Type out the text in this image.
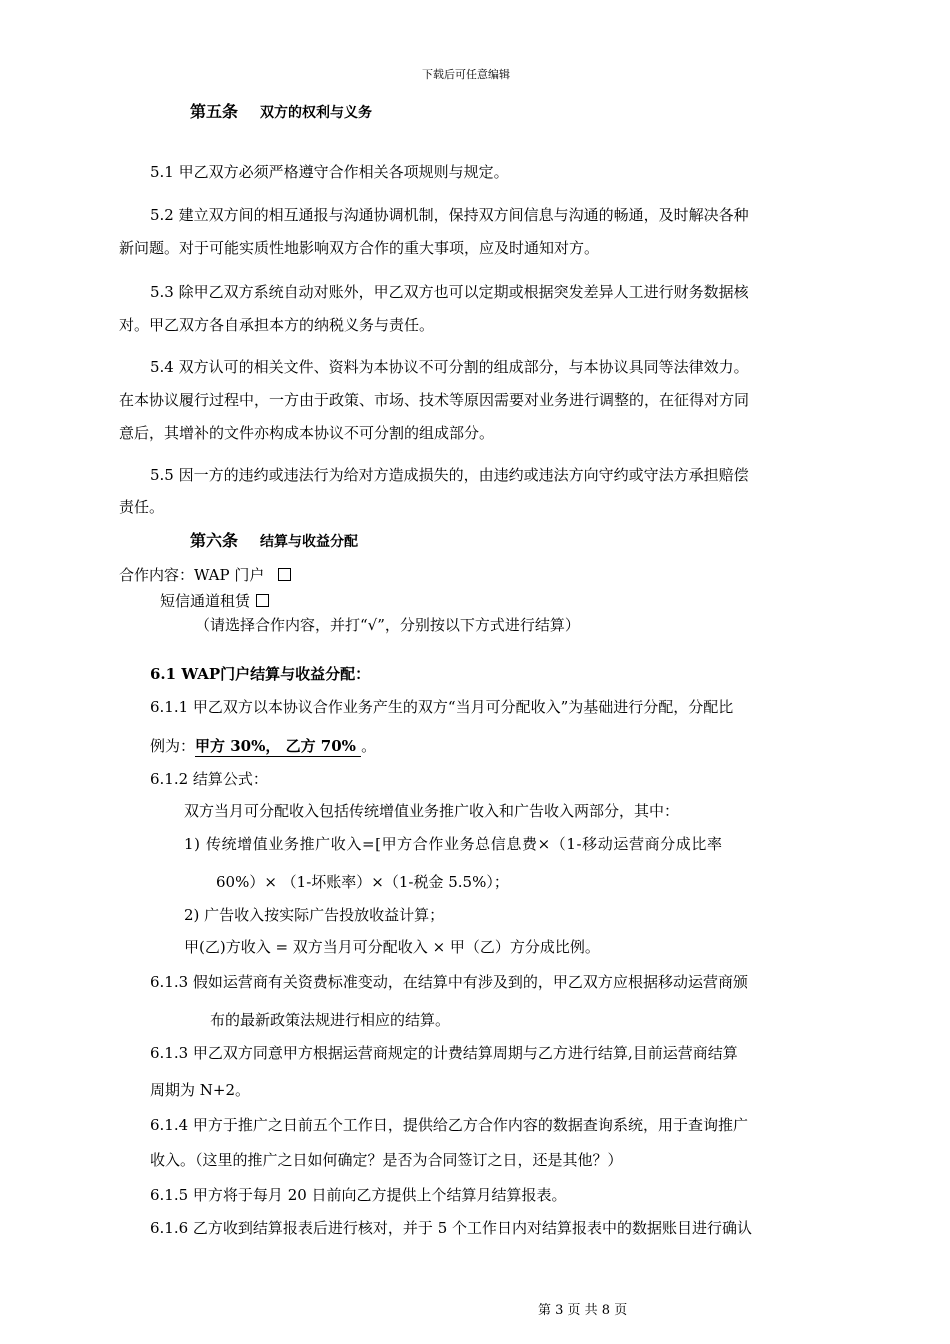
下载后可任意编辑
第五条 双方的权利与义务
5.1 甲乙双方必须严格遵守合作相关各项规则与规定。
5.2 建立双方间的相互通报与沟通协调机制，保持双方间信息与沟通的畅通，及时解决各种
新问题。对于可能实质性地影响双方合作的重大事项，应及时通知对方。
5.3 除甲乙双方系统自动对账外，甲乙双方也可以定期或根据突发差异人工进行财务数据核
对。甲乙双方各自承担本方的纳税义务与责任。
5.4 双方认可的相关文件、资料为本协议不可分割的组成部分，与本协议具同等法律效力。
在本协议履行过程中，一方由于政策、市场、技术等原因需要对业务进行调整的，在征得对方同
意后，其增补的文件亦构成本协议不可分割的组成部分。
5.5 因一方的违约或违法行为给对方造成损失的，由违约或违法方向守约或守法方承担赔偿
责任。
第六条 结算与收益分配
合作内容：WAP 门户
短信通道租赁
（请选择合作内容，并打“√”，分别按以下方式进行结算）
6.1 WAP门户结算与收益分配：
6.1.1 甲乙双方以本协议合作业务产生的双方“当月可分配收入”为基础进行分配，分配比
例为：甲方 30%， 乙方 70% 。
6.1.2 结算公式：
双方当月可分配收入包括传统增值业务推广收入和广告收入两部分，其中：
1) 传统增值业务推广收入=[甲方合作业务总信息费×（1-移动运营商分成比率
60%）× （1-坏账率）×（1-税金 5.5%）；
2) 广告收入按实际广告投放收益计算；
甲(乙)方收入 = 双方当月可分配收入 × 甲（乙）方分成比例。
6.1.3 假如运营商有关资费标准变动，在结算中有涉及到的，甲乙双方应根据移动运营商颁
布的最新政策法规进行相应的结算。
6.1.3 甲乙双方同意甲方根据运营商规定的计费结算周期与乙方进行结算,目前运营商结算
周期为 N+2。
6.1.4 甲方于推广之日前五个工作日，提供给乙方合作内容的数据查询系统，用于查询推广
收入。（这里的推广之日如何确定？是否为合同签订之日，还是其他？）
6.1.5 甲方将于每月 20 日前向乙方提供上个结算月结算报表。
6.1.6 乙方收到结算报表后进行核对，并于 5 个工作日内对结算报表中的数据账目进行确认
第 3 页 共 8 页
